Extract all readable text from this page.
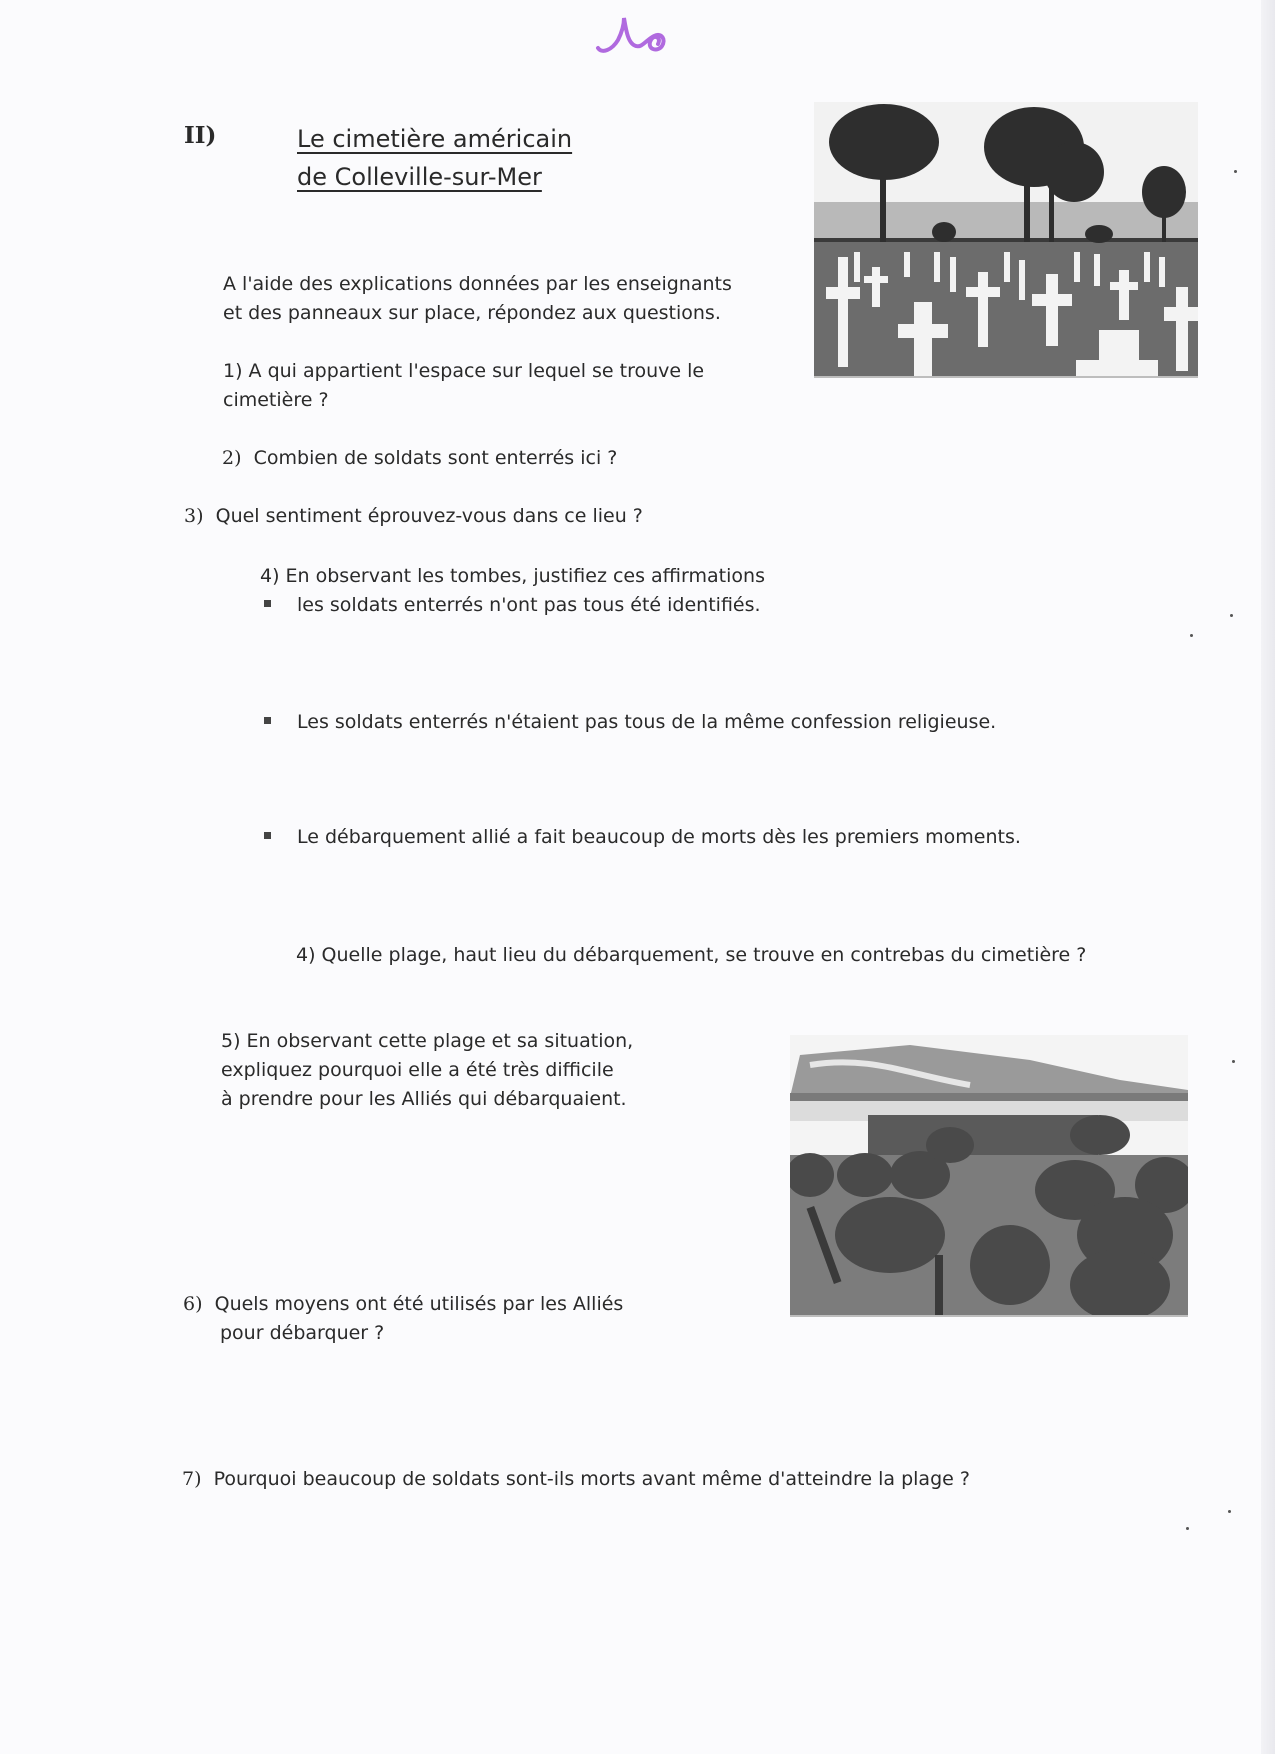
II)	Le cimetière américain
de Colleville-sur-Mer
A l'aide des explications données par les enseignants
et des panneaux sur place, répondez aux questions.
1) A qui appartient l'espace sur lequel se trouve le
cimetière ?
2) Combien de soldats sont enterrés ici ?
3) Quel sentiment éprouvez-vous dans ce lieu ?
4) En observant les tombes, justifiez ces affirmations
les soldats enterrés n'ont pas tous été identifiés.
Les soldats enterrés n'étaient pas tous de la même confession religieuse.
Le débarquement allié a fait beaucoup de morts dès les premiers moments.
4) Quelle plage, haut lieu du débarquement, se trouve en contrebas du cimetière ?
5) En observant cette plage et sa situation,
expliquez pourquoi elle a été très difficile
à prendre pour les Alliés qui débarquaient.
6) Quels moyens ont été utilisés par les Alliés
pour débarquer ?
7) Pourquoi beaucoup de soldats sont-ils morts avant même d'atteindre la plage ?
